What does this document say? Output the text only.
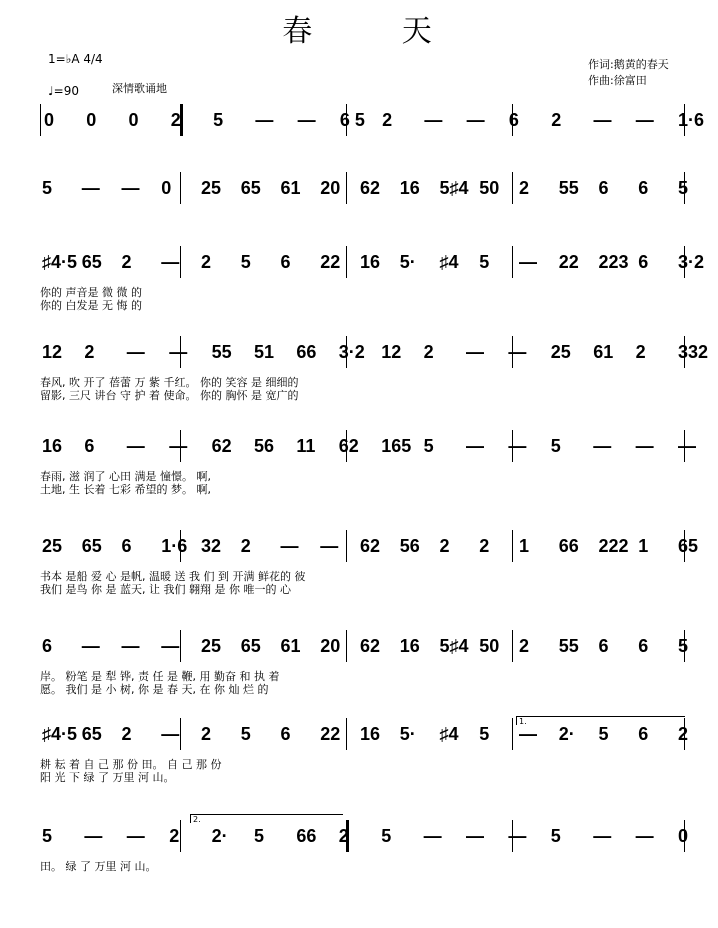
春	天
1=♭A 4/4
♩=90	深情歌诵地
作词:鹅黄的春天
作曲:徐富田
0 0 0 2 5 — — 6 5 2 — — 6 2 — — 1·6
5 — — 0 25 65 61 20 62 16 5♯4 50 2 55 6 6 5
♯4·5 65 2 — 2 5 6 22 16 5· ♯4 5 — 22 223 6 3·2
12 2 — — 55 51 66 3·2 12 2 — — 25 61 2 332
16 6 — — 62 56 11 62 165 5 — — 5 — — —
25 65 6 1·6 32 2 — — 62 56 2 2 1 66 222 1 65
6 — — — 25 65 61 20 62 16 5♯4 50 2 55 6 6 5
♯4·5 65 2 — 2 5 6 22 16 5· ♯4 5 — 2· 5 6 2
5 — — 2 2· 5 66 2 5 — — — 5 — — 0
你的 声音是 微 微 的
你的 白发是 无 悔 的
春风, 吹 开了 蓓蕾 万 紫 千红。 你的 笑容 是 细细的
留影, 三尺 讲台 守 护 着 使命。 你的 胸怀 是 宽广的
春雨, 滋 润了 心田 满是 憧憬。 啊,
土地, 生 长着 七彩 希望的 梦。 啊,
书本 是船 爱 心 是帆, 温暖 送 我 们 到 开满 鲜花的 彼
我们 是鸟 你 是 蓝天, 让 我们 翱翔 是 你 唯一的 心
岸。 粉笔 是 犁 铧, 责 任 是 鞭, 用 勤奋 和 执 着
愿。 我们 是 小 树, 你 是 春 天, 在 你 灿 烂 的
耕 耘 着 自 己 那 份 田。 自 己 那 份
阳 光 下 绿 了 万里 河 山。
田。 绿 了 万里 河 山。
1.
2.
